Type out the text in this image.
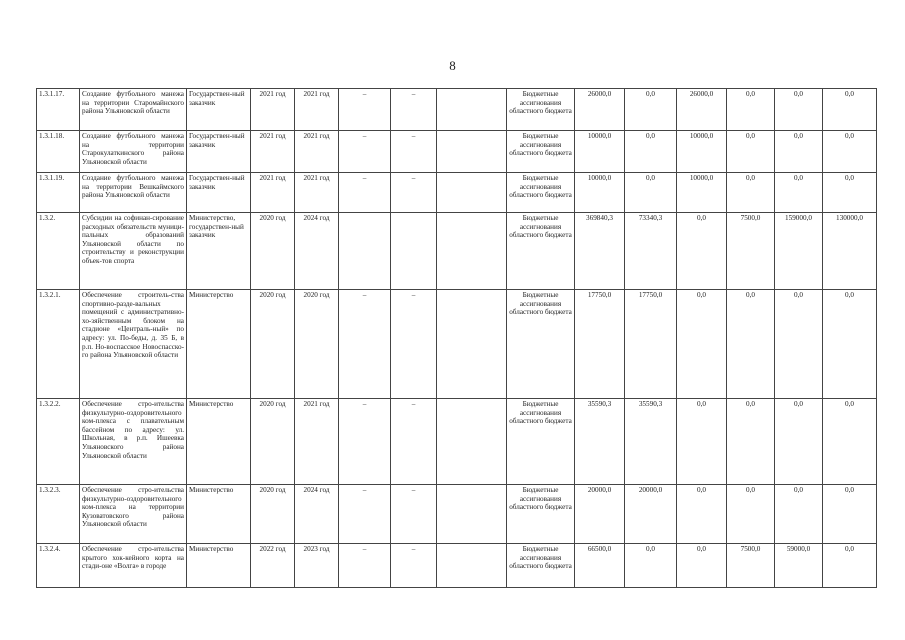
8
1.3.1.17.	Создание футбольного манежа на территории Старомайнского района Ульяновской области	Государствен-ный заказчик	2021 год	2021 год	–	–		Бюджетные ассигнования областного бюджета	26000,0	0,0	26000,0	0,0	0,0	0,0
1.3.1.18.	Создание футбольного манежа на территории Старокулаткинского района Ульяновской области	Государствен-ный заказчик	2021 год	2021 год	–	–		Бюджетные ассигнования областного бюджета	10000,0	0,0	10000,0	0,0	0,0	0,0
1.3.1.19.	Создание футбольного манежа на территории Вешкаймского района Ульяновской области	Государствен-ный заказчик	2021 год	2021 год	–	–		Бюджетные ассигнования областного бюджета	10000,0	0,0	10000,0	0,0	0,0	0,0
1.3.2.	Субсидии на софинан-сирование расходных обязательств муници-пальных образований Ульяновской области по строительству и реконструкции объек-тов спорта	Министерство, государствен-ный заказчик	2020 год	2024 год				Бюджетные ассигнования областного бюджета	369840,3	73340,3	0,0	7500,0	159000,0	130000,0
1.3.2.1.	Обеспечение строитель-ства спортивно-разде-вальных помещений с административно-хо-зяйственным блоком на стадионе «Централь-ный» по адресу: ул. По-беды, д. 35 Б, в р.п. Но-воспасское Новоспасско-го района Ульяновской области	Министерство	2020 год	2020 год	–	–		Бюджетные ассигнования областного бюджета	17750,0	17750,0	0,0	0,0	0,0	0,0
1.3.2.2.	Обеспечение стро-ительства физкультурно-оздоровительного ком-плекса с плавательным бассейном по адресу: ул. Школьная, в р.п. Ишеевка Ульяновского района Ульяновской области	Министерство	2020 год	2021 год	–	–		Бюджетные ассигнования областного бюджета	35590,3	35590,3	0,0	0,0	0,0	0,0
1.3.2.3.	Обеспечение стро-ительства физкультурно-оздоровительного ком-плекса на территории Кузоватовского района Ульяновской области	Министерство	2020 год	2024 год	–	–		Бюджетные ассигнования областного бюджета	20000,0	20000,0	0,0	0,0	0,0	0,0
1.3.2.4.	Обеспечение стро-ительства крытого хок-кейного корта на стади-оне «Волга» в городе	Министерство	2022 год	2023 год	–	–		Бюджетные ассигнования областного бюджета	66500,0	0,0	0,0	7500,0	59000,0	0,0
